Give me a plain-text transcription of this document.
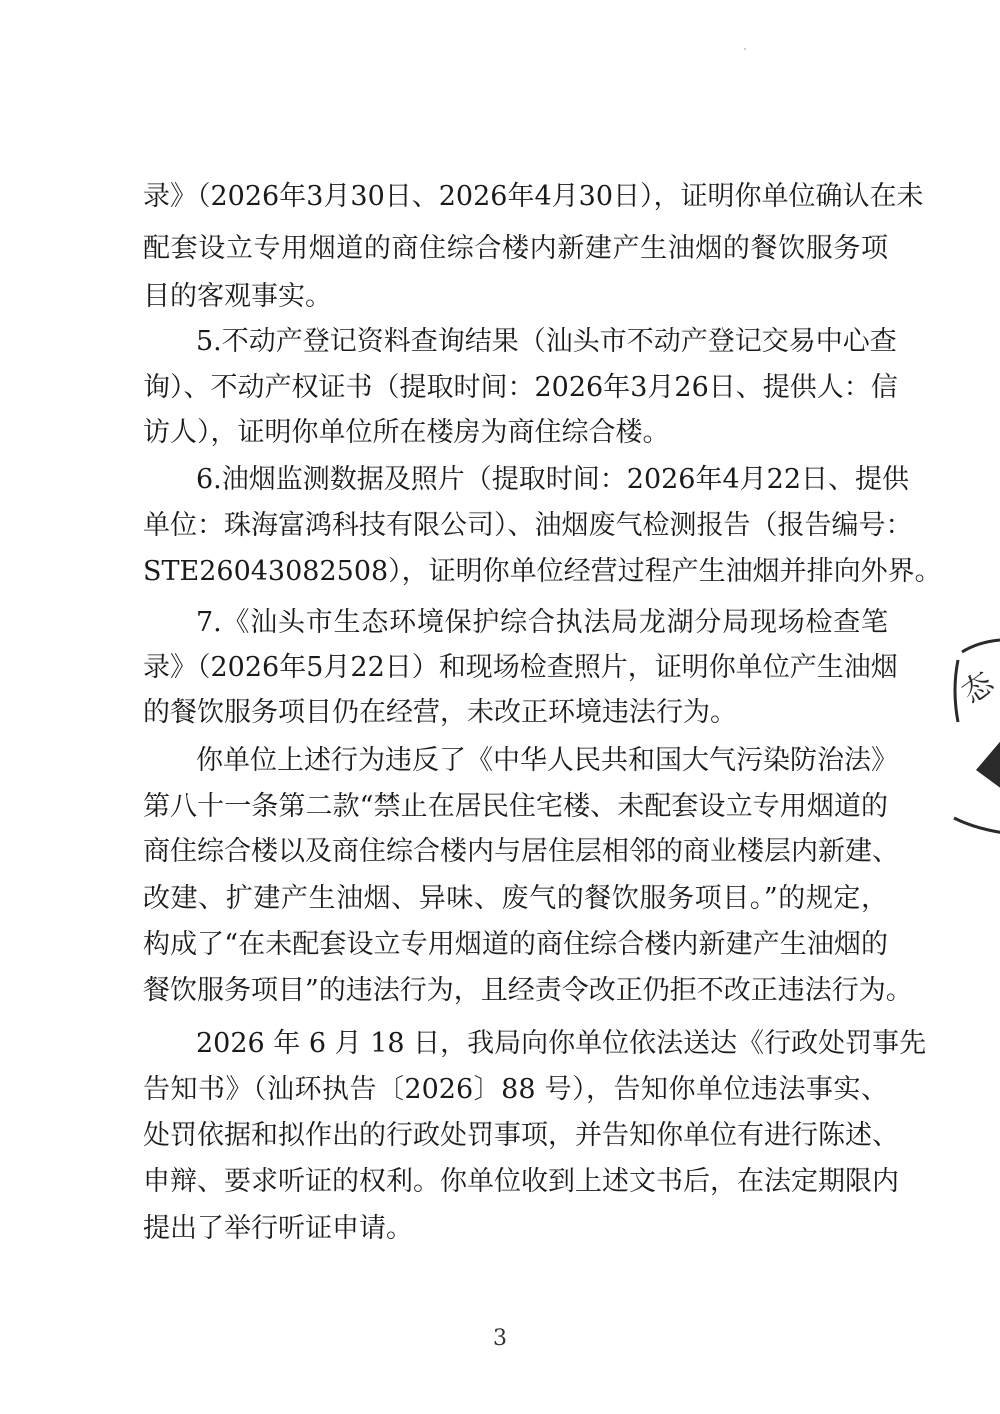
录》（2026年3月30日、2026年4月30日），证明你单位确认在未
配套设立专用烟道的商住综合楼内新建产生油烟的餐饮服务项
目的客观事实。
5.不动产登记资料查询结果（汕头市不动产登记交易中心查
询）、不动产权证书（提取时间：2026年3月26日、提供人：信
访人），证明你单位所在楼房为商住综合楼。
6.油烟监测数据及照片（提取时间：2026年4月22日、提供
单位：珠海富鸿科技有限公司）、油烟废气检测报告（报告编号：
STE26043082508），证明你单位经营过程产生油烟并排向外界。
7.《汕头市生态环境保护综合执法局龙湖分局现场检查笔
录》（2026年5月22日）和现场检查照片，证明你单位产生油烟
的餐饮服务项目仍在经营，未改正环境违法行为。
你单位上述行为违反了《中华人民共和国大气污染防治法》
第八十一条第二款“禁止在居民住宅楼、未配套设立专用烟道的
商住综合楼以及商住综合楼内与居住层相邻的商业楼层内新建、
改建、扩建产生油烟、异味、废气的餐饮服务项目。”的规定，
构成了“在未配套设立专用烟道的商住综合楼内新建产生油烟的
餐饮服务项目”的违法行为，且经责令改正仍拒不改正违法行为。
2026 年 6 月 18 日，我局向你单位依法送达《行政处罚事先
告知书》（汕环执告〔2026〕88 号），告知你单位违法事实、
处罚依据和拟作出的行政处罚事项，并告知你单位有进行陈述、
申辩、要求听证的权利。你单位收到上述文书后，在法定期限内
提出了举行听证申请。
3
态
